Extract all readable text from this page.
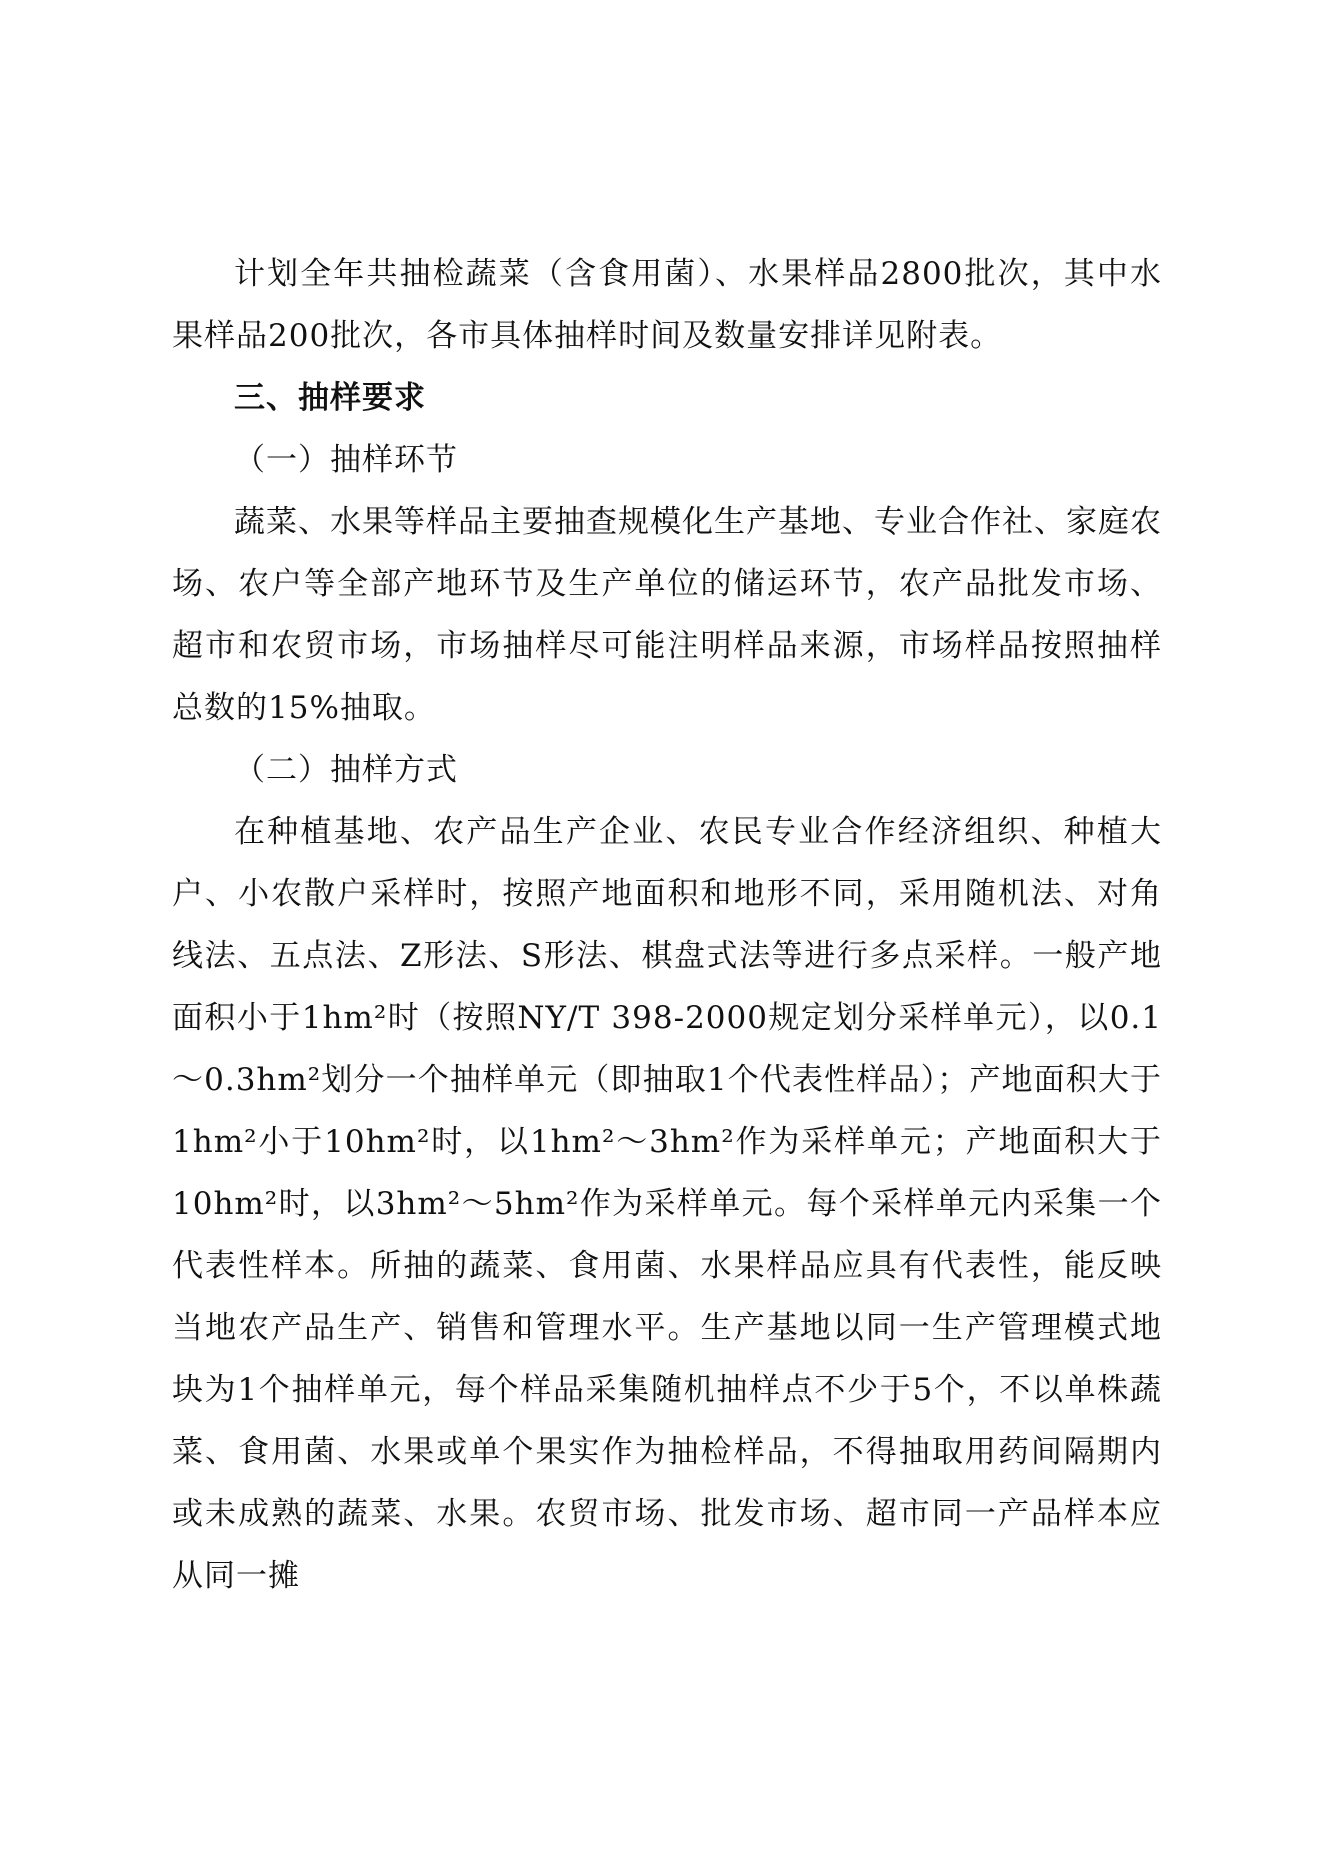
计划全年共抽检蔬菜（含食用菌）、水果样品2800批次，其中水果样品200批次，各市具体抽样时间及数量安排详见附表。

三、抽样要求

（一）抽样环节

蔬菜、水果等样品主要抽查规模化生产基地、专业合作社、家庭农场、农户等全部产地环节及生产单位的储运环节，农产品批发市场、超市和农贸市场，市场抽样尽可能注明样品来源，市场样品按照抽样总数的15%抽取。

（二）抽样方式

在种植基地、农产品生产企业、农民专业合作经济组织、种植大户、小农散户采样时，按照产地面积和地形不同，采用随机法、对角线法、五点法、Z形法、S形法、棋盘式法等进行多点采样。一般产地面积小于1hm²时（按照NY/T 398-2000规定划分采样单元），以0.1～0.3hm²划分一个抽样单元（即抽取1个代表性样品）；产地面积大于1hm²小于10hm²时，以1hm²～3hm²作为采样单元；产地面积大于10hm²时，以3hm²～5hm²作为采样单元。每个采样单元内采集一个代表性样本。所抽的蔬菜、食用菌、水果样品应具有代表性，能反映当地农产品生产、销售和管理水平。生产基地以同一生产管理模式地块为1个抽样单元，每个样品采集随机抽样点不少于5个，不以单株蔬菜、食用菌、水果或单个果实作为抽检样品，不得抽取用药间隔期内或未成熟的蔬菜、水果。农贸市场、批发市场、超市同一产品样本应从同一摊
